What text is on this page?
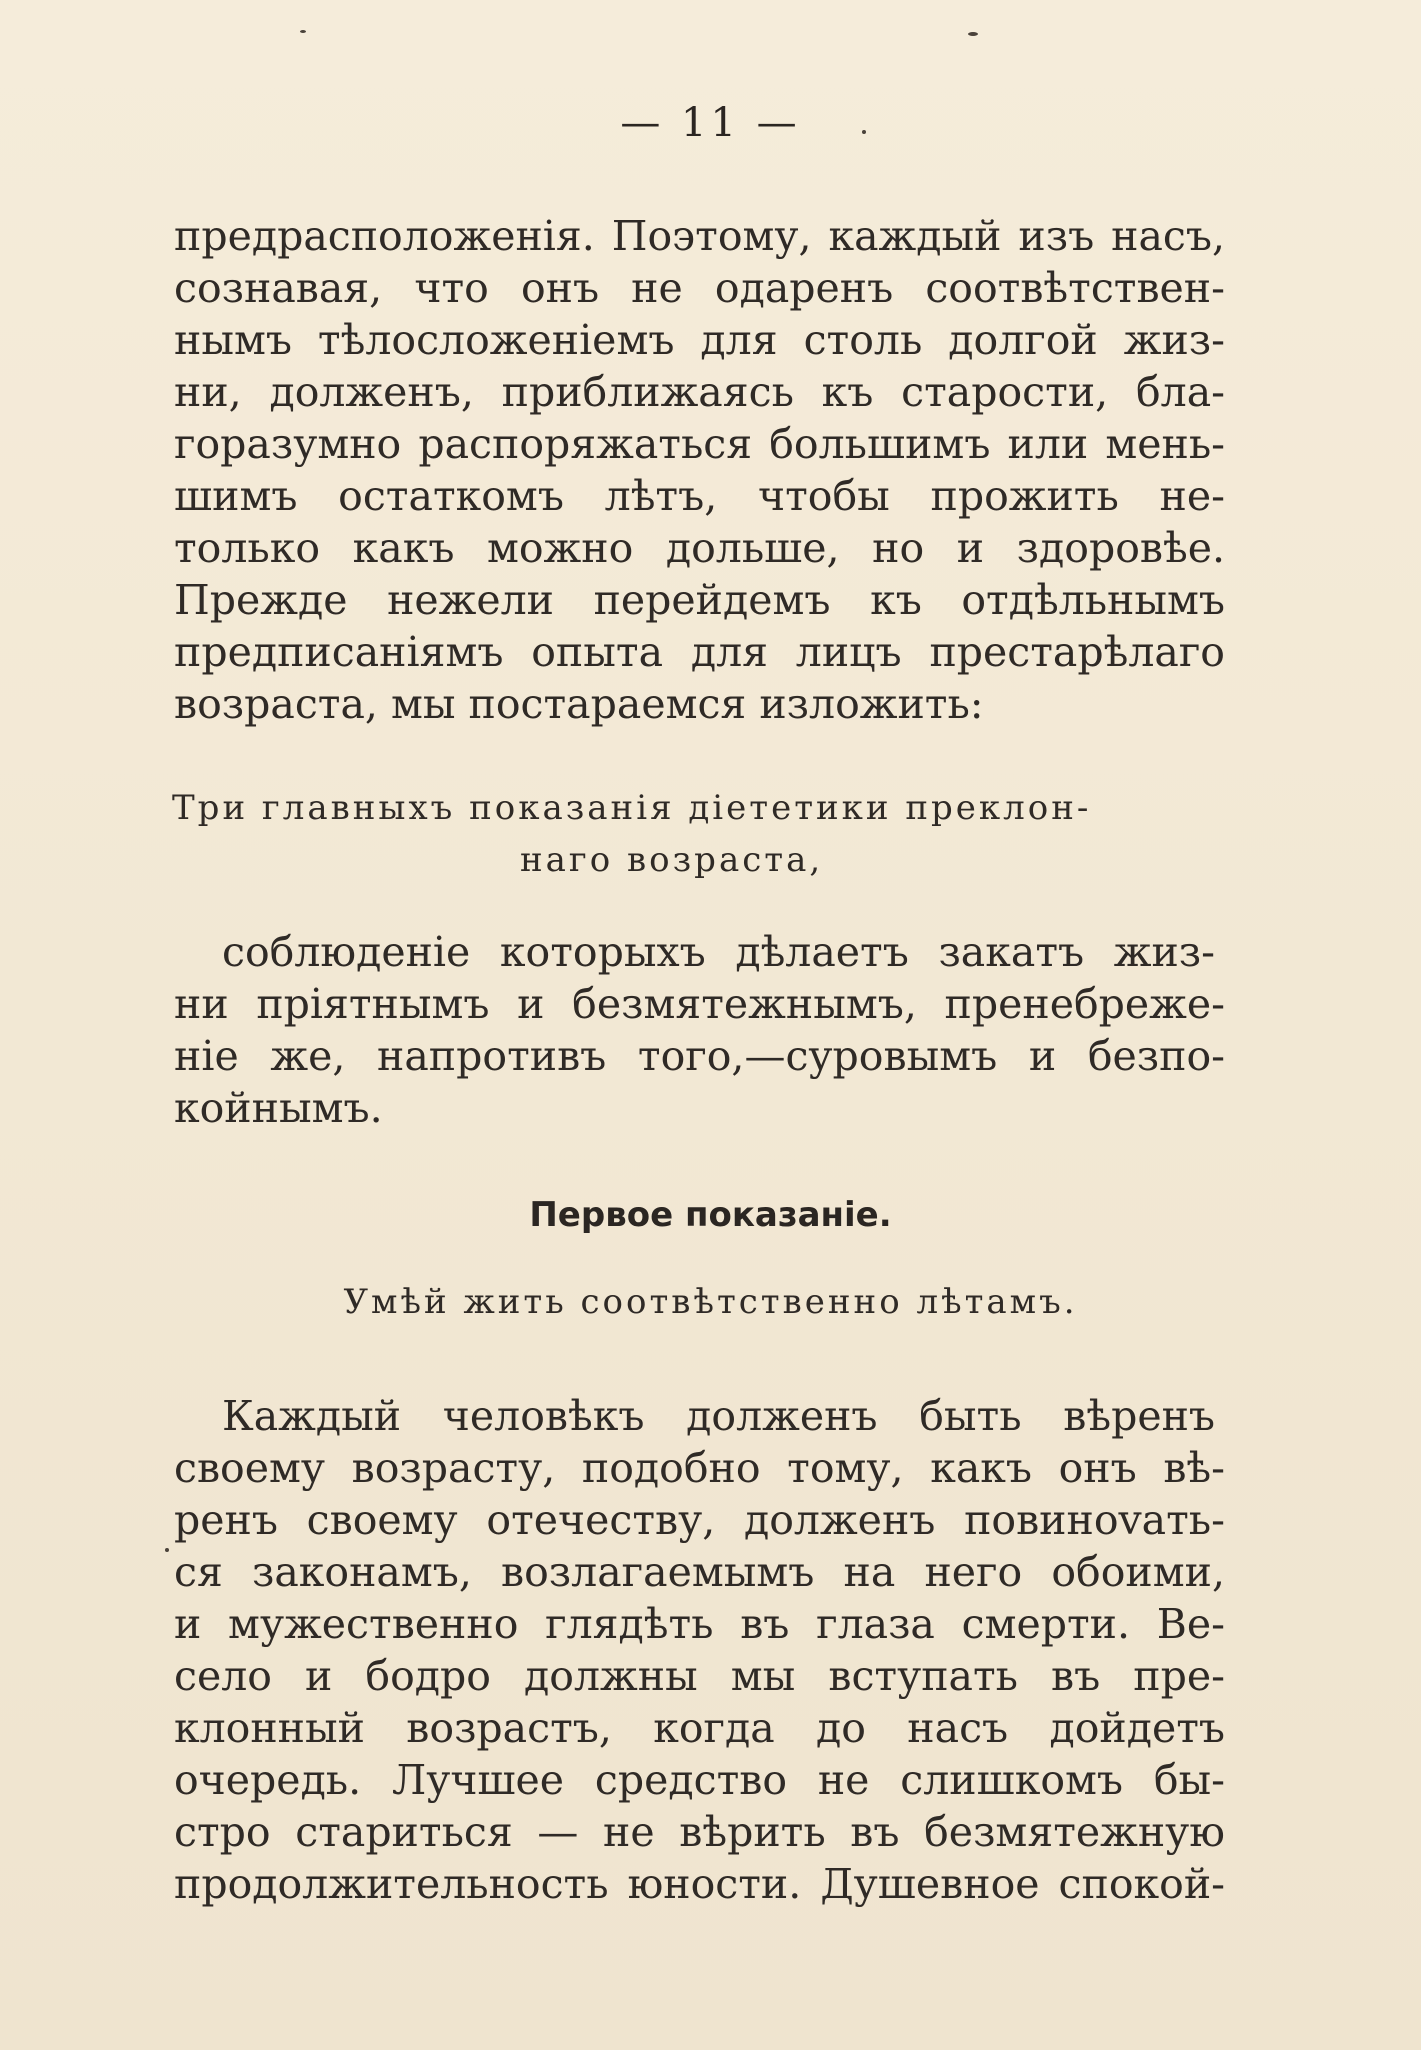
— 11 —
предрасположенія. Поэтому, каждый изъ насъ,
сознавая, что онъ не одаренъ соотвѣтствен-
нымъ тѣлосложеніемъ для столь долгой жиз-
ни, долженъ, приближаясь къ старости, бла-
горазумно распоряжаться большимъ или мень-
шимъ остаткомъ лѣтъ, чтобы прожить не-
только какъ можно дольше, но и здоровѣе.
Прежде нежели перейдемъ къ отдѣльнымъ
предписаніямъ опыта для лицъ престарѣлаго
возраста, мы постараемся изложить:
Три главныхъ показанія діететики преклон-
наго возраста,
соблюденіе которыхъ дѣлаетъ закатъ жиз-
ни пріятнымъ и безмятежнымъ, пренебреже-
ніе же, напротивъ того,—суровымъ и безпо-
койнымъ.
Первое показаніе.
Умѣй жить соотвѣтственно лѣтамъ.
Каждый человѣкъ долженъ быть вѣренъ
своему возрасту, подобно тому, какъ онъ вѣ-
ренъ своему отечеству, долженъ повиноvать-
ся законамъ, возлагаемымъ на него обоими,
и мужественно глядѣть въ глаза смерти. Ве-
село и бодро должны мы вступать въ пре-
клонный возрастъ, когда до насъ дойдетъ
очередь. Лучшее средство не слишкомъ бы-
стро стариться — не вѣрить въ безмятежную
продолжительность юности. Душевное спокой-
